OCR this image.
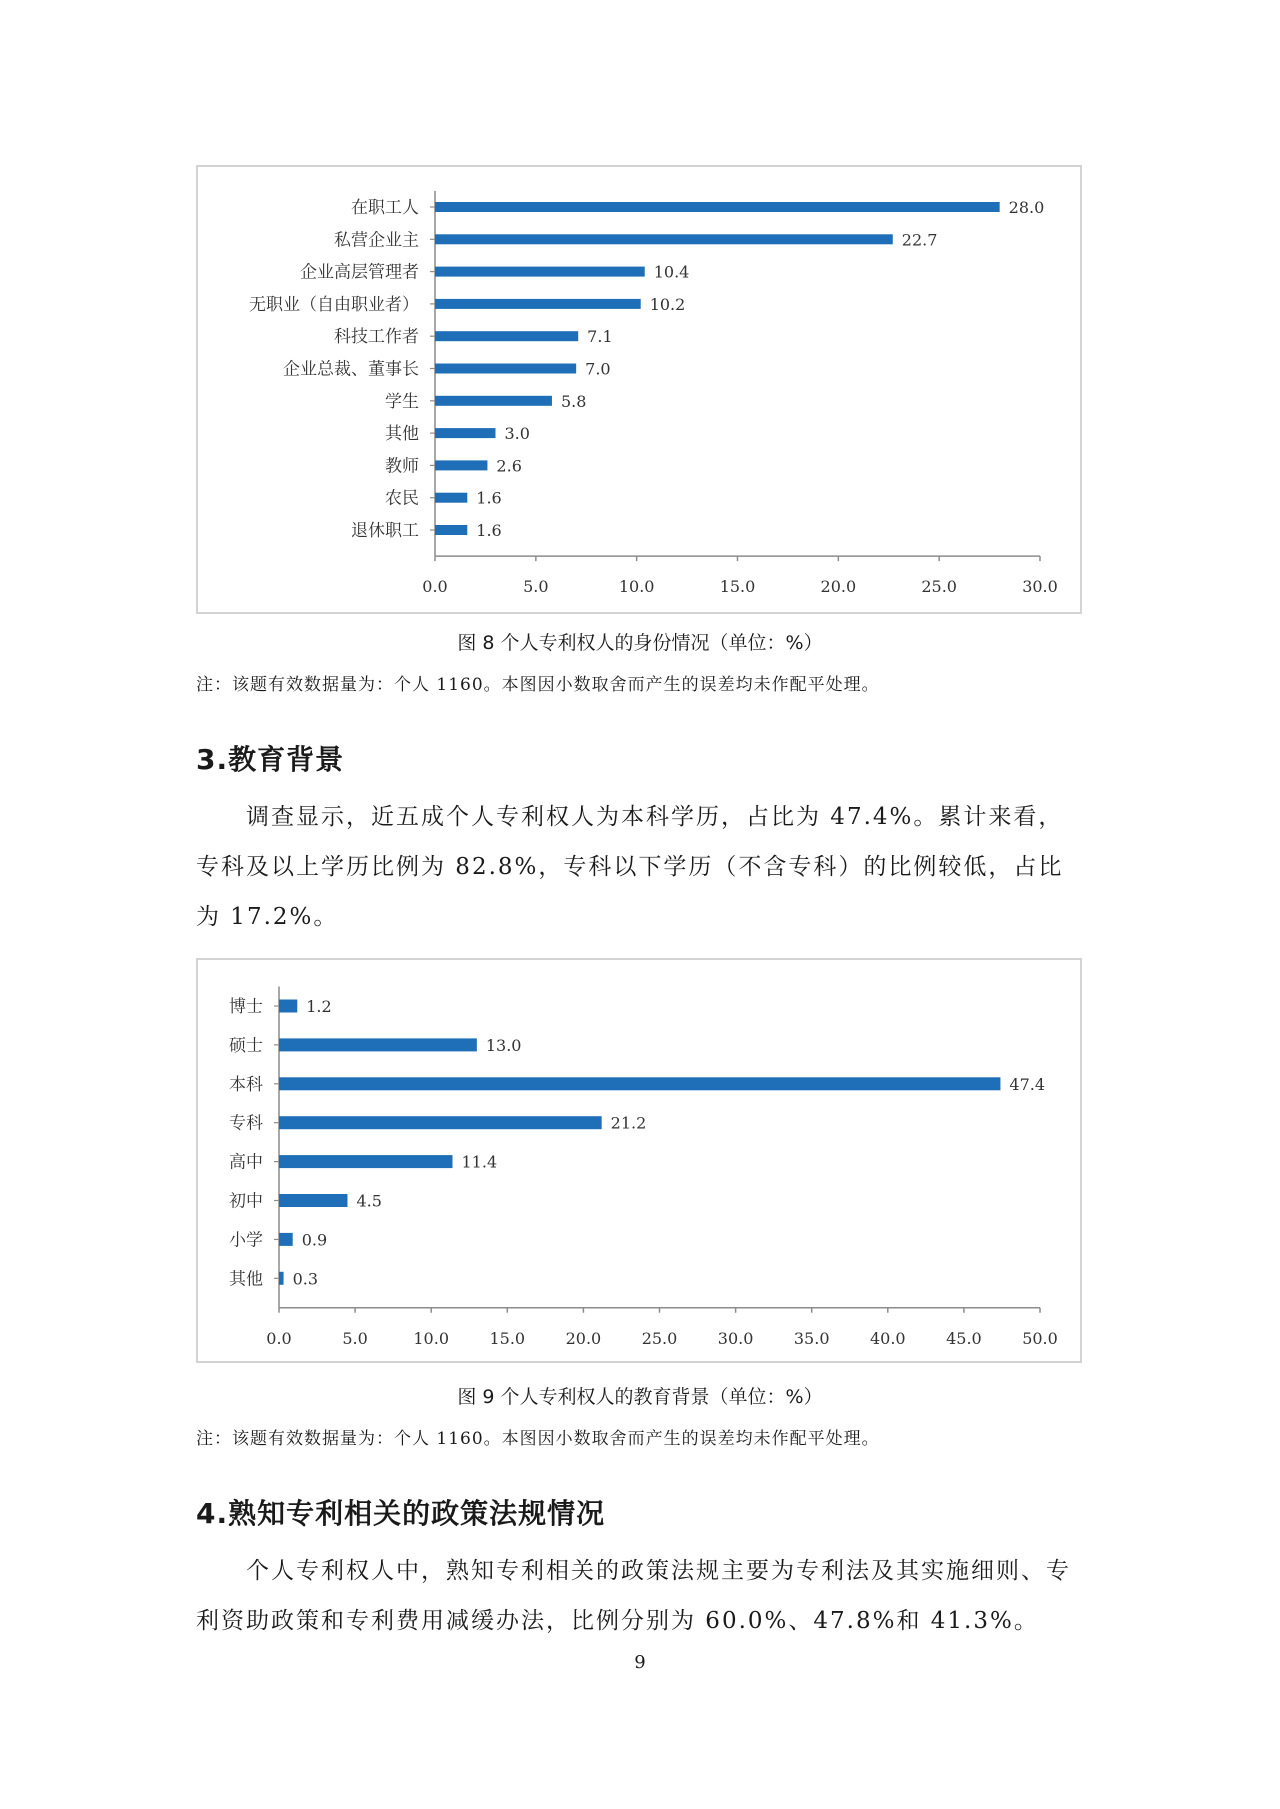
0.0	5.0	10.0	15.0	20.0	25.0	30.0
在职工人	28.0
私营企业主	22.7
企业高层管理者	10.4
无职业（自由职业者）	10.2
科技工作者	7.1
企业总裁、董事长	7.0
学生	5.8
其他	3.0
教师	2.6
农民	1.6
退休职工	1.6
图 8 个人专利权人的身份情况（单位：%）
注：该题有效数据量为：个人 1160。本图因小数取舍而产生的误差均未作配平处理。
3.教育背景

调查显示，近五成个人专利权人为本科学历，占比为 47.4%。累计来看，专科及以上学历比例为 82.8%，专科以下学历（不含专科）的比例较低，占比为 17.2%。

0.0	5.0	10.0	15.0	20.0	25.0	30.0	35.0	40.0	45.0	50.0
博士	1.2
硕士	13.0
本科	47.4
专科	21.2
高中	11.4
初中	4.5
小学 0.9
其他 0.3
图 9 个人专利权人的教育背景（单位：%）
注：该题有效数据量为：个人 1160。本图因小数取舍而产生的误差均未作配平处理。
4.熟知专利相关的政策法规情况

个人专利权人中，熟知专利相关的政策法规主要为专利法及其实施细则、专利资助政策和专利费用减缓办法，比例分别为 60.0%、47.8%和 41.3%。

9
